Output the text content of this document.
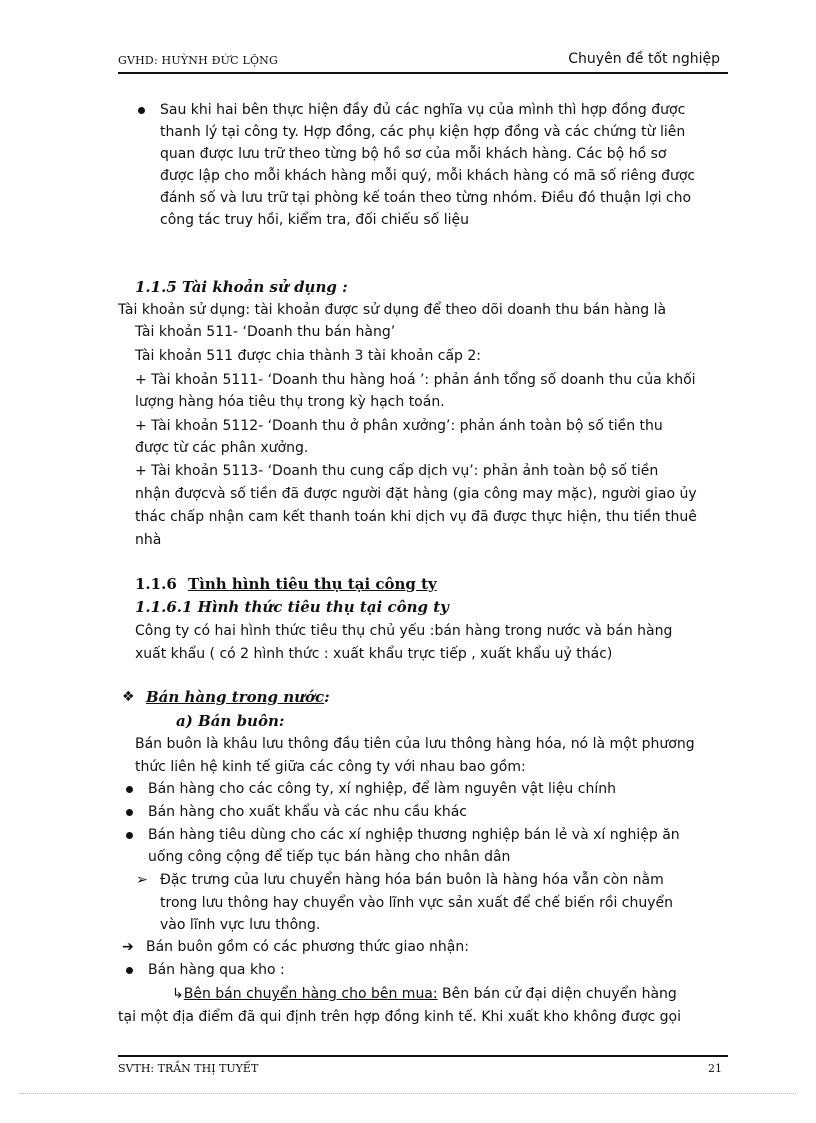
GVHD: HUỲNH ĐỨC LỘNG	Chuyên đề tốt nghiệp
Sau khi hai bên thực hiện đầy đủ các nghĩa vụ của mình thì hợp đồng được
thanh lý tại công ty. Hợp đồng, các phụ kiện hợp đồng và các chứng từ liên
quan được lưu trữ theo từng bộ hồ sơ của mỗi khách hàng. Các bộ hồ sơ
được lập cho mỗi khách hàng mỗi quý, mỗi khách hàng có mã số riêng được
đánh số và lưu trữ tại phòng kế toán theo từng nhóm. Điều đó thuận lợi cho
công tác truy hồi, kiểm tra, đối chiếu số liệu
1.1.5 Tài khoản sử dụng :
Tài khoản sử dụng: tài khoản được sử dụng để theo dõi doanh thu bán hàng là
Tài khoản 511- ‘Doanh thu bán hàng’
Tài khoản 511 được chia thành 3 tài khoản cấp 2:
+ Tài khoản 5111- ‘Doanh thu hàng hoá ’: phản ánh tổng số doanh thu của khối
lượng hàng hóa tiêu thụ trong kỳ hạch toán.
+ Tài khoản 5112- ‘Doanh thu ở phân xưởng’: phản ánh toàn bộ số tiền thu
được từ các phân xưởng.
+ Tài khoản 5113- ‘Doanh thu cung cấp dịch vụ’: phản ảnh toàn bộ số tiền
nhận đượcvà số tiền đã được người đặt hàng (gia công may mặc), người giao ủy
thác chấp nhận cam kết thanh toán khi dịch vụ đã được thực hiện, thu tiền thuê
nhà
1.1.6 Tình hình tiêu thụ tại công ty
1.1.6.1 Hình thức tiêu thụ tại công ty
Công ty có hai hình thức tiêu thụ chủ yếu :bán hàng trong nước và bán hàng
xuất khẩu ( có 2 hình thức : xuất khẩu trực tiếp , xuất khẩu uỷ thác)
❖ Bán hàng trong nước:
a) Bán buôn:
Bán buôn là khâu lưu thông đầu tiên của lưu thông hàng hóa, nó là một phương
thức liên hệ kinh tế giữa các công ty với nhau bao gồm:
Bán hàng cho các công ty, xí nghiệp, để làm nguyên vật liệu chính
Bán hàng cho xuất khẩu và các nhu cầu khác
Bán hàng tiêu dùng cho các xí nghiệp thương nghiệp bán lẻ và xí nghiệp ăn
uống công cộng để tiếp tục bán hàng cho nhân dân
➢ Đặc trưng của lưu chuyển hàng hóa bán buôn là hàng hóa vẫn còn nằm
trong lưu thông hay chuyển vào lĩnh vực sản xuất để chế biến rồi chuyển
vào lĩnh vực lưu thông.
➔ Bán buôn gồm có các phương thức giao nhận:
Bán hàng qua kho :
↳Bên bán chuyển hàng cho bên mua: Bên bán cử đại diện chuyển hàng
tại một địa điểm đã qui định trên hợp đồng kinh tế. Khi xuất kho không được gọi
SVTH: TRẦN THỊ TUYẾT	21
